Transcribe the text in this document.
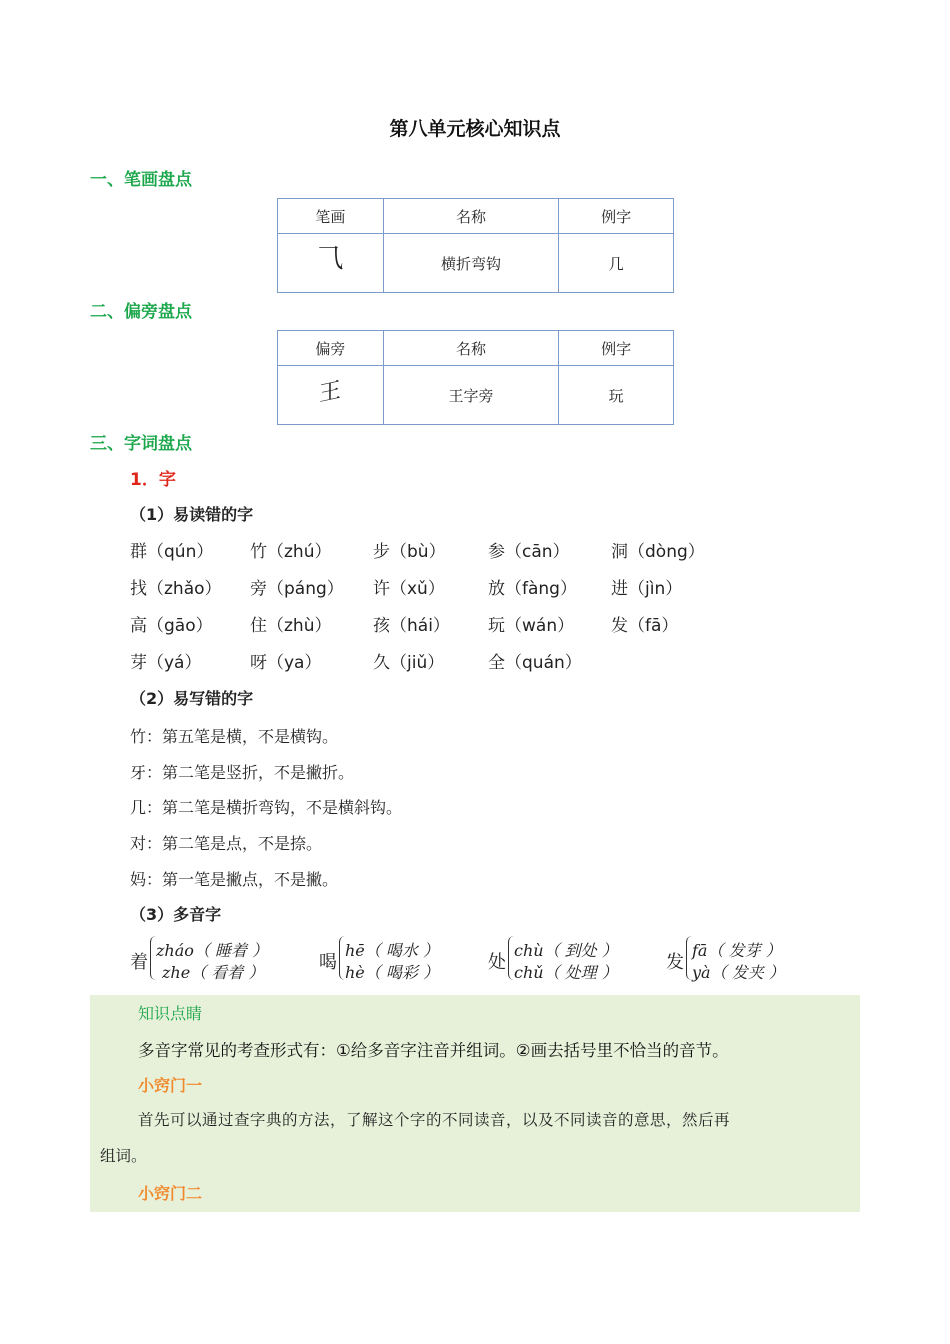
第八单元核心知识点
一、笔画盘点
笔画	名称	例字
⺄	横折弯钩	几
二、偏旁盘点
偏旁	名称	例字
王	王字旁	玩
三、字词盘点
1．字
（1）易读错的字
群（qún） 竹（zhú） 步（bù） 参（cān） 洞（dòng）
找（zhǎo） 旁（páng） 许（xǔ）	放（fàng） 进（jìn）
高（gāo） 住（zhù） 孩（hái） 玩（wán） 发（fā）
芽（yá）	呀（ya）	久（jiǔ）	全（quán）
（2）易写错的字
竹：第五笔是横，不是横钩。
牙：第二笔是竖折，不是撇折。
几：第二笔是横折弯钩，不是横斜钩。
对：第二笔是点，不是捺。
妈：第一笔是撇点，不是撇。
（3）多音字
着
zháo（ 睡着 ）
zhe（ 看着 ）	喝
hē（ 喝水 ）
hè（ 喝彩 ）	处
chù（ 到处 ）
chǔ（ 处理 ）	发
fā（ 发芽 ）
yà（ 发夹 ）
知识点睛
多音字常见的考查形式有：①给多音字注音并组词。②画去括号里不恰当的音节。
小窍门一
首先可以通过查字典的方法，了解这个字的不同读音，以及不同读音的意思，然后再
组词。
小窍门二
